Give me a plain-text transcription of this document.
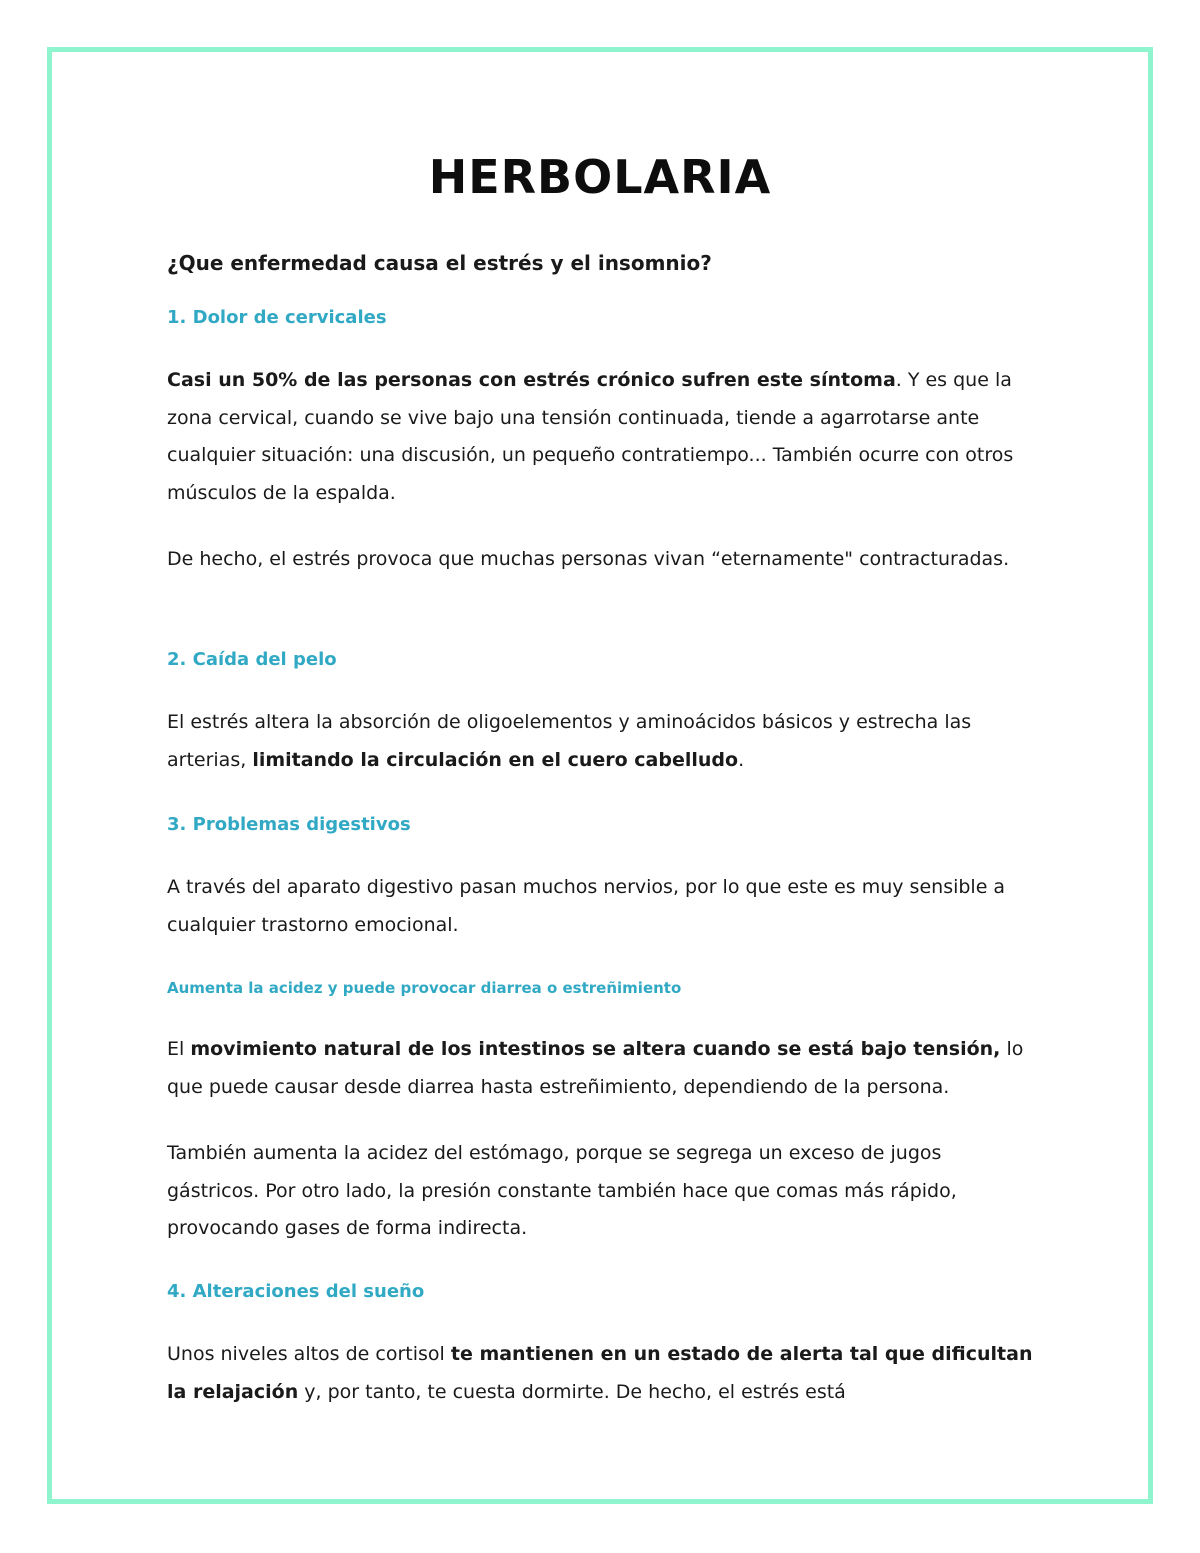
HERBOLARIA

¿Que enfermedad causa el estrés y el insomnio?

1. Dolor de cervicales

Casi un 50% de las personas con estrés crónico sufren este síntoma. Y es que la zona cervical, cuando se vive bajo una tensión continuada, tiende a agarrotarse ante cualquier situación: una discusión, un pequeño contratiempo... También ocurre con otros músculos de la espalda.

De hecho, el estrés provoca que muchas personas vivan “eternamente" contracturadas.

2. Caída del pelo

El estrés altera la absorción de oligoelementos y aminoácidos básicos y estrecha las arterias, limitando la circulación en el cuero cabelludo.

3. Problemas digestivos

A través del aparato digestivo pasan muchos nervios, por lo que este es muy sensible a cualquier trastorno emocional.

Aumenta la acidez y puede provocar diarrea o estreñimiento

El movimiento natural de los intestinos se altera cuando se está bajo tensión, lo que puede causar desde diarrea hasta estreñimiento, dependiendo de la persona.

También aumenta la acidez del estómago, porque se segrega un exceso de jugos gástricos. Por otro lado, la presión constante también hace que comas más rápido, provocando gases de forma indirecta.

4. Alteraciones del sueño

Unos niveles altos de cortisol te mantienen en un estado de alerta tal que dificultan la relajación y, por tanto, te cuesta dormirte. De hecho, el estrés está
